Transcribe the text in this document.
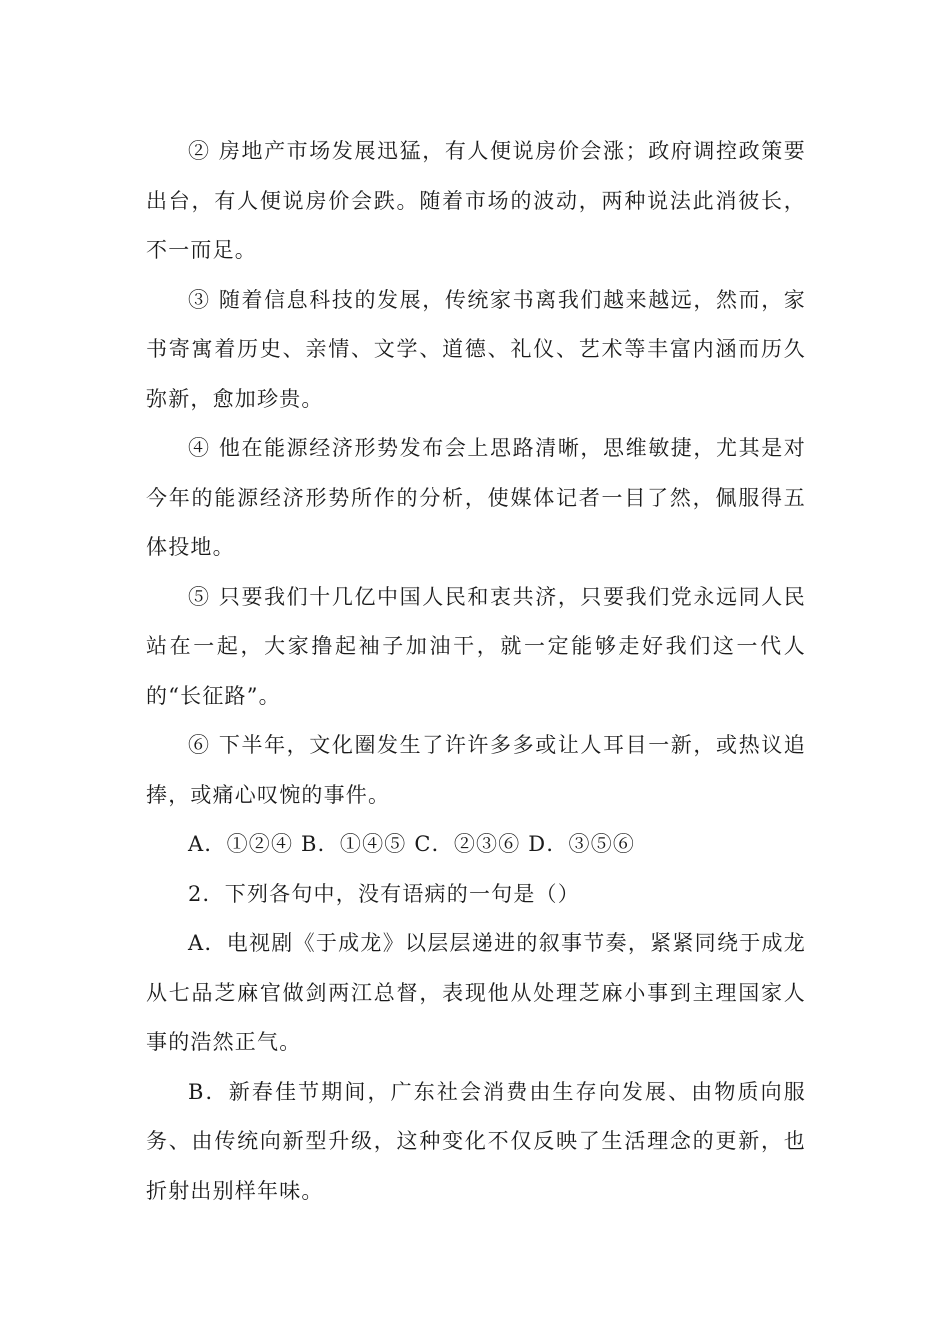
② 房地产市场发展迅猛，有人便说房价会涨；政府调控政策要出台，有人便说房价会跌。随着市场的波动，两种说法此消彼长，不一而足。

③ 随着信息科技的发展，传统家书离我们越来越远，然而，家书寄寓着历史、亲情、文学、道德、礼仪、艺术等丰富内涵而历久弥新，愈加珍贵。

④ 他在能源经济形势发布会上思路清晰，思维敏捷，尤其是对今年的能源经济形势所作的分析，使媒体记者一目了然，佩服得五体投地。

⑤ 只要我们十几亿中国人民和衷共济，只要我们党永远同人民站在一起，大家撸起袖子加油干，就一定能够走好我们这一代人的“长征路”。

⑥ 下半年，文化圈发生了许许多多或让人耳目一新，或热议追捧，或痛心叹惋的事件。

A．①②④ B．①④⑤ C．②③⑥ D．③⑤⑥

2．下列各句中，没有语病的一句是（）

A．电视剧《于成龙》以层层递进的叙事节奏，紧紧同绕于成龙从七品芝麻官做剑两江总督，表现他从处理芝麻小事到主理国家人事的浩然正气。

B．新春佳节期间，广东社会消费由生存向发展、由物质向服务、由传统向新型升级，这种变化不仅反映了生活理念的更新，也折射出别样年味。
